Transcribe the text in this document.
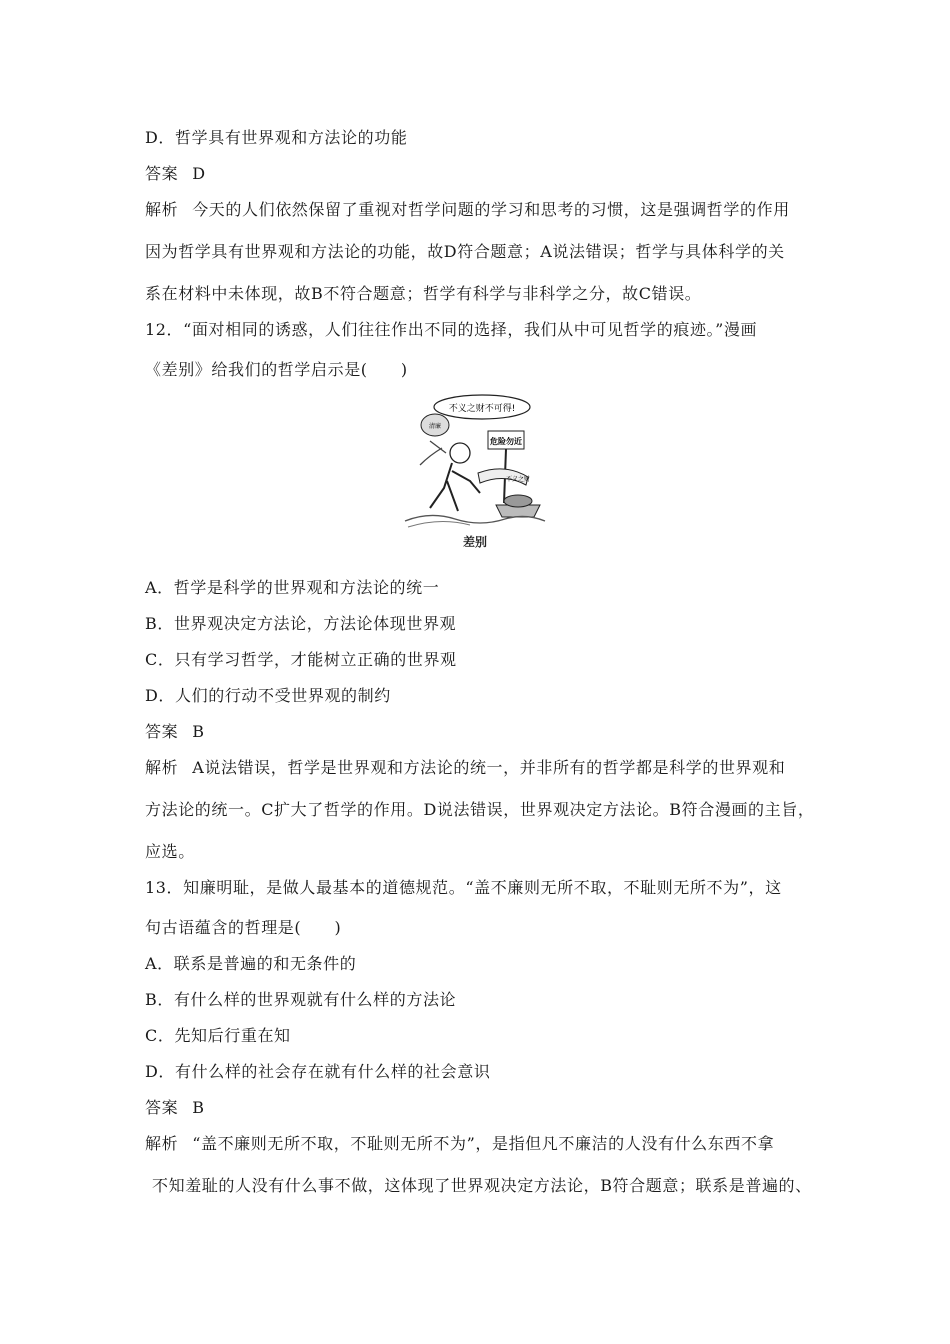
D．哲学具有世界观和方法论的功能
答案 D
解析 今天的人们依然保留了重视对哲学问题的学习和思考的习惯，这是强调哲学的作用
因为哲学具有世界观和方法论的功能，故D符合题意；A说法错误；哲学与具体科学的关
系在材料中未体现，故B不符合题意；哲学有科学与非科学之分，故C错误。
12．“面对相同的诱惑，人们往往作出不同的选择，我们从中可见哲学的痕迹。”漫画
《差别》给我们的哲学启示是(　　)
不义之财不可得!
清廉
危险勿近
不义之财
差别
A．哲学是科学的世界观和方法论的统一
B．世界观决定方法论，方法论体现世界观
C．只有学习哲学，才能树立正确的世界观
D．人们的行动不受世界观的制约
答案 B
解析 A说法错误，哲学是世界观和方法论的统一，并非所有的哲学都是科学的世界观和
方法论的统一。C扩大了哲学的作用。D说法错误，世界观决定方法论。B符合漫画的主旨，
应选。
13．知廉明耻，是做人最基本的道德规范。“盖不廉则无所不取，不耻则无所不为”，这
句古语蕴含的哲理是(　　)
A．联系是普遍的和无条件的
B．有什么样的世界观就有什么样的方法论
C．先知后行重在知
D．有什么样的社会存在就有什么样的社会意识
答案 B
解析 “盖不廉则无所不取，不耻则无所不为”，是指但凡不廉洁的人没有什么东西不拿
不知羞耻的人没有什么事不做，这体现了世界观决定方法论，B符合题意；联系是普遍的、
